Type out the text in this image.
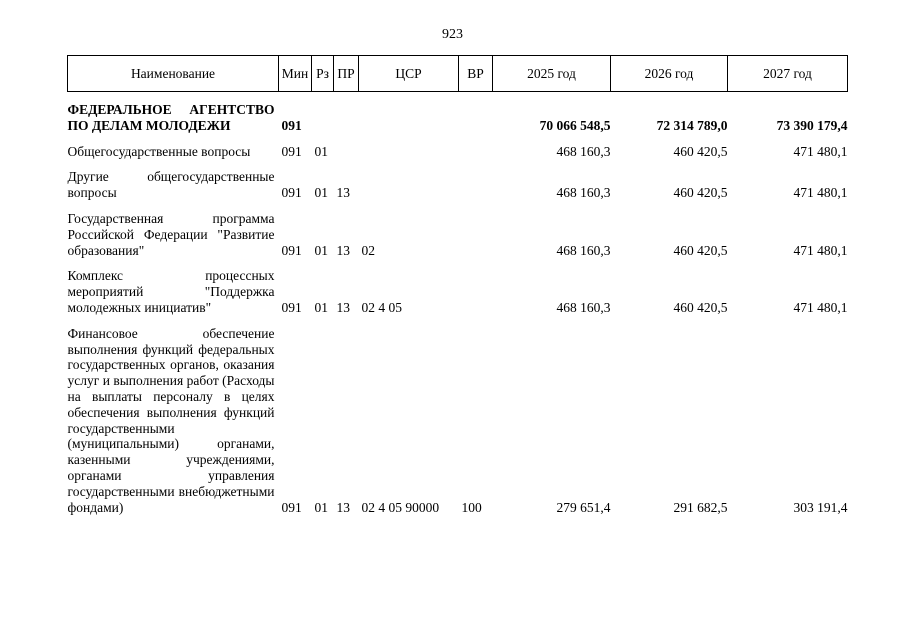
923
Наименование	Мин	Рз	ПР	ЦСР	ВР	2025 год	2026 год	2027 год
ФЕДЕРАЛЬНОЕ АГЕНТСТВО ПО ДЕЛАМ МОЛОДЕЖИ	091					70 066 548,5	72 314 789,0	73 390 179,4
Общегосударственные вопросы	091	01				468 160,3	460 420,5	471 480,1
Другие общегосударственные вопросы	091	01	13			468 160,3	460 420,5	471 480,1
Государственная программа Российской Федерации "Развитие образования"	091	01	13	02		468 160,3	460 420,5	471 480,1
Комплекс процессных мероприятий "Поддержка молодежных инициатив"	091	01	13	02 4 05		468 160,3	460 420,5	471 480,1
Финансовое обеспечение выполнения функций федеральных государственных органов, оказания услуг и выполнения работ (Расходы на выплаты персоналу в целях обеспечения выполнения функций государственными (муниципальными) органами, казенными учреждениями, органами управления государственными внебюджетными фондами)	091	01	13	02 4 05 90000	100	279 651,4	291 682,5	303 191,4
